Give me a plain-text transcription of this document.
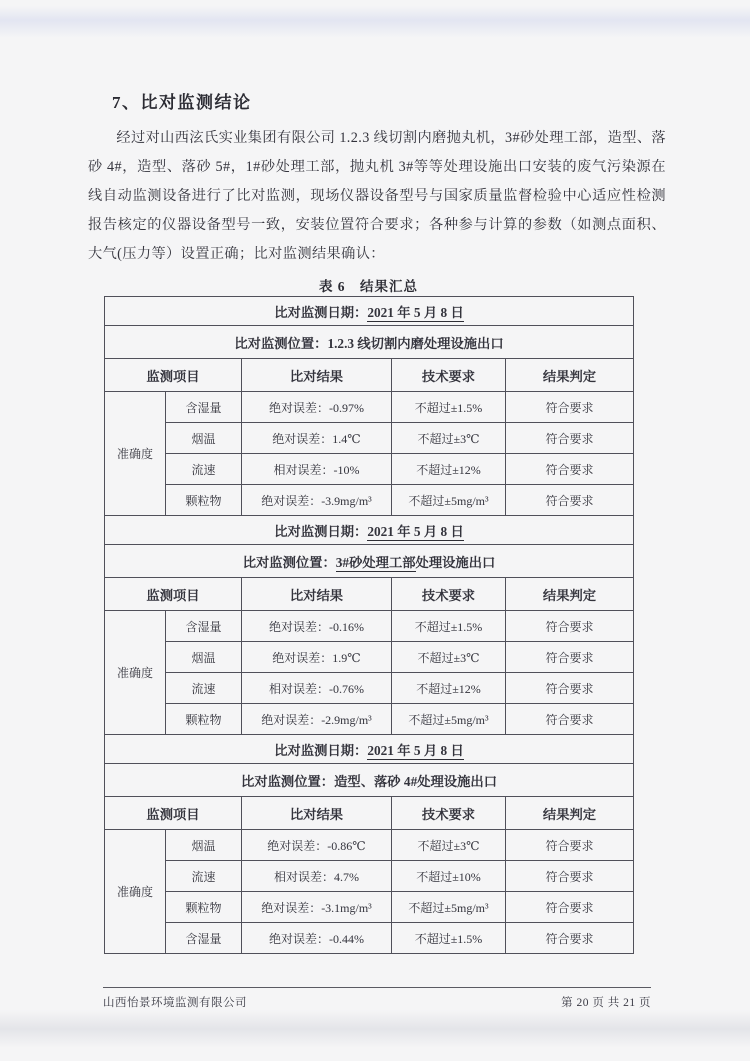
7、比对监测结论

经过对山西泫氏实业集团有限公司 1.2.3 线切割内磨抛丸机，3#砂处理工部，造型、落砂 4#，造型、落砂 5#，1#砂处理工部，抛丸机 3#等等处理设施出口安装的废气污染源在线自动监测设备进行了比对监测，现场仪器设备型号与国家质量监督检验中心适应性检测报告核定的仪器设备型号一致，安装位置符合要求；各种参与计算的参数（如测点面积、大气(压力等）设置正确；比对监测结果确认：

表 6　结果汇总
比对监测日期：2021 年 5 月 8 日				
比对监测位置：1.2.3 线切割内磨处理设施出口				
监测项目		比对结果	技术要求	结果判定
准确度	含湿量	绝对误差：-0.97%	不超过±1.5%	符合要求
	烟温	绝对误差：1.4℃	不超过±3℃	符合要求
	流速	相对误差：-10%	不超过±12%	符合要求
	颗粒物	绝对误差：-3.9mg/m³	不超过±5mg/m³	符合要求
比对监测日期：2021 年 5 月 8 日				
比对监测位置：3#砂处理工部处理设施出口				
监测项目		比对结果	技术要求	结果判定
准确度	含湿量	绝对误差：-0.16%	不超过±1.5%	符合要求
	烟温	绝对误差：1.9℃	不超过±3℃	符合要求
	流速	相对误差：-0.76%	不超过±12%	符合要求
	颗粒物	绝对误差：-2.9mg/m³	不超过±5mg/m³	符合要求
比对监测日期：2021 年 5 月 8 日				
比对监测位置：造型、落砂 4#处理设施出口				
监测项目		比对结果	技术要求	结果判定
准确度	烟温	绝对误差：-0.86℃	不超过±3℃	符合要求
	流速	相对误差：4.7%	不超过±10%	符合要求
	颗粒物	绝对误差：-3.1mg/m³	不超过±5mg/m³	符合要求
	含湿量	绝对误差：-0.44%	不超过±1.5%	符合要求
山西怡景环境监测有限公司	第 20 页 共 21 页
